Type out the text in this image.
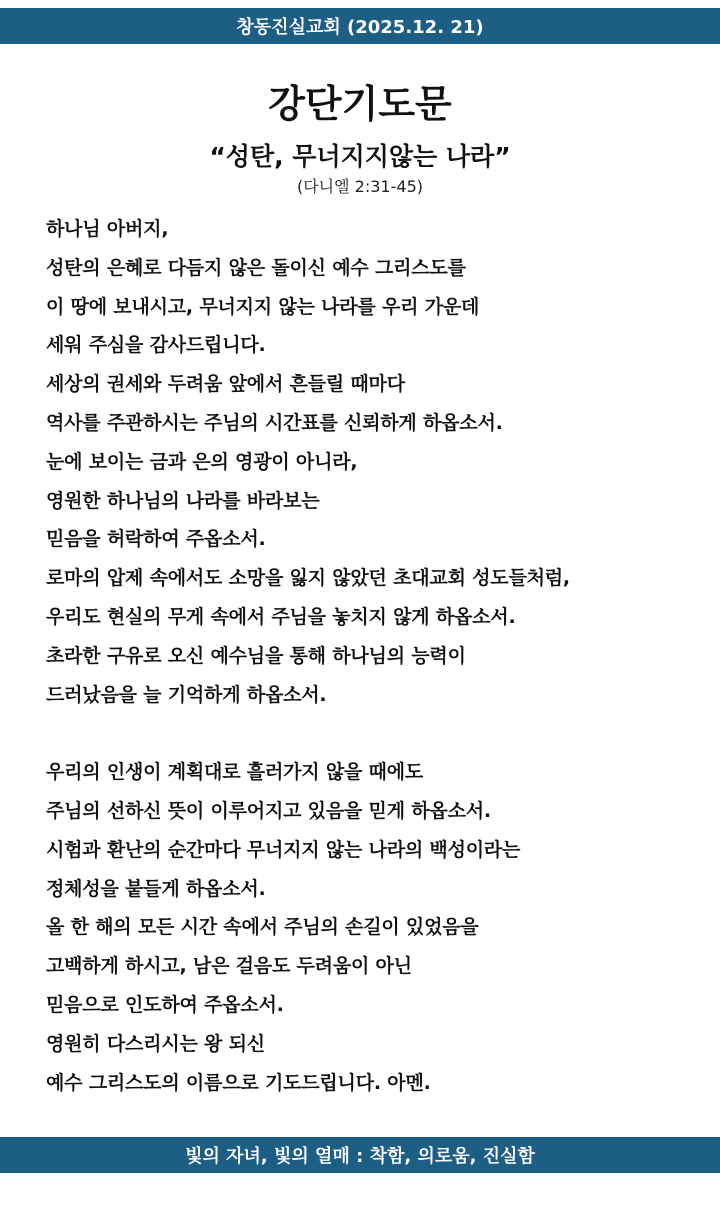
창동진실교회 (2025.12. 21)
강단기도문
“성탄, 무너지지않는 나라”
(다니엘 2:31-45)
하나님 아버지,
성탄의 은혜로 다듬지 않은 돌이신 예수 그리스도를
이 땅에 보내시고, 무너지지 않는 나라를 우리 가운데
세워 주심을 감사드립니다.
세상의 권세와 두려움 앞에서 흔들릴 때마다
역사를 주관하시는 주님의 시간표를 신뢰하게 하옵소서.
눈에 보이는 금과 은의 영광이 아니라,
영원한 하나님의 나라를 바라보는
믿음을 허락하여 주옵소서.
로마의 압제 속에서도 소망을 잃지 않았던 초대교회 성도들처럼,
우리도 현실의 무게 속에서 주님을 놓치지 않게 하옵소서.
초라한 구유로 오신 예수님을 통해 하나님의 능력이
드러났음을 늘 기억하게 하옵소서.
우리의 인생이 계획대로 흘러가지 않을 때에도
주님의 선하신 뜻이 이루어지고 있음을 믿게 하옵소서.
시험과 환난의 순간마다 무너지지 않는 나라의 백성이라는
정체성을 붙들게 하옵소서.
올 한 해의 모든 시간 속에서 주님의 손길이 있었음을
고백하게 하시고, 남은 걸음도 두려움이 아닌
믿음으로 인도하여 주옵소서.
영원히 다스리시는 왕 되신
예수 그리스도의 이름으로 기도드립니다. 아멘.
빛의 자녀, 빛의 열매 : 착함, 의로움, 진실함
